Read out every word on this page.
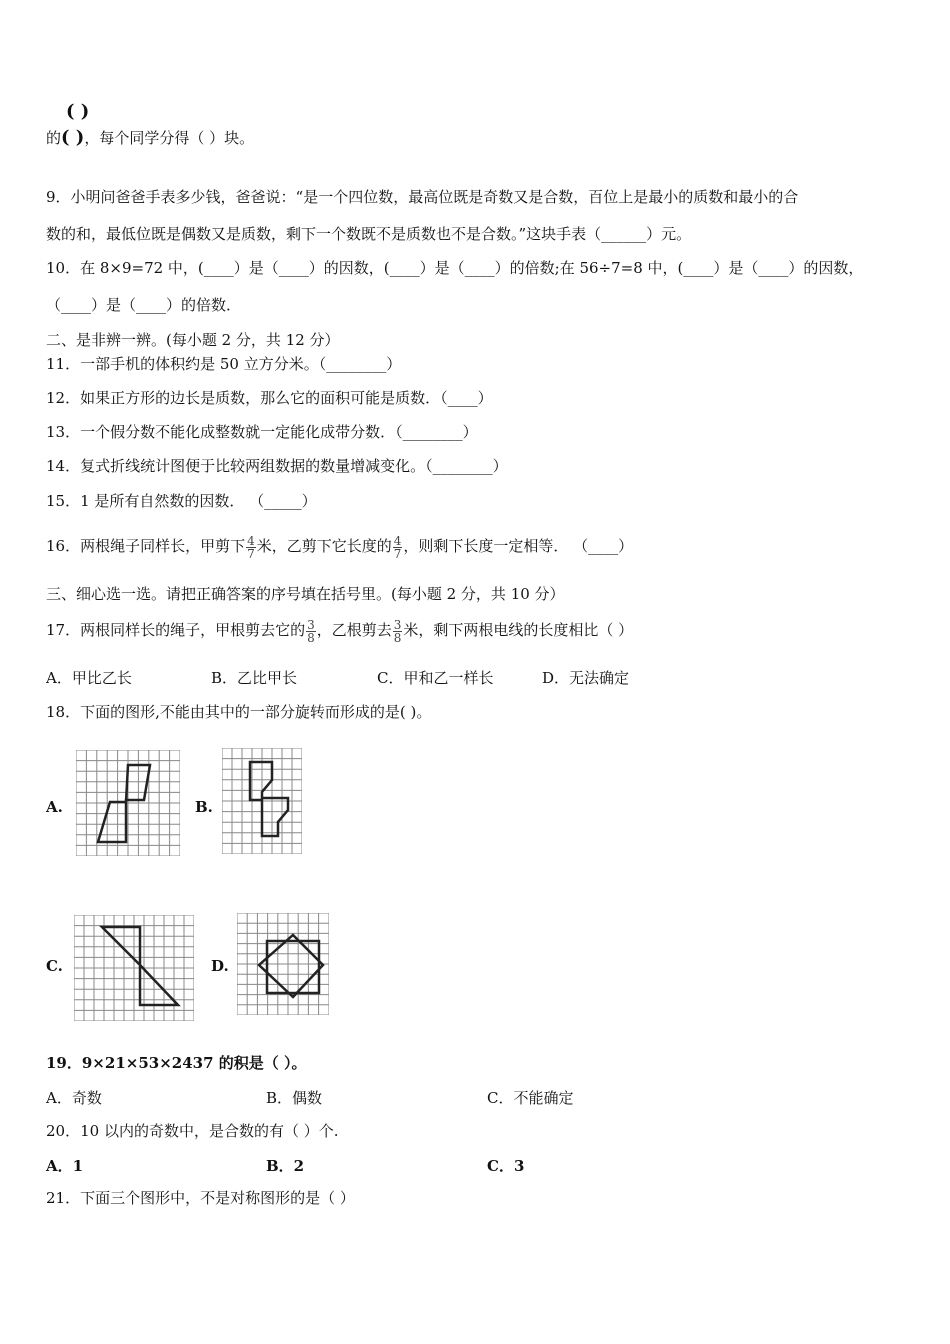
( )
的( )，每个同学分得（ ）块。
9．小明问爸爸手表多少钱，爸爸说：“是一个四位数，最高位既是奇数又是合数，百位上是最小的质数和最小的合
数的和，最低位既是偶数又是质数，剩下一个数既不是质数也不是合数。”这块手表（______）元。
10．在 8×9=72 中，(____）是（____）的因数，(____）是（____）的倍数;在 56÷7=8 中，(____）是（____）的因数，
（____）是（____）的倍数．
二、是非辨一辨。(每小题 2 分，共 12 分）
11．一部手机的体积约是 50 立方分米。（________）
12．如果正方形的边长是质数，那么它的面积可能是质数．（____）
13．一个假分数不能化成整数就一定能化成带分数．（________）
14．复式折线统计图便于比较两组数据的数量增减变化。（________）
15．1 是所有自然数的因数． （_____）
16．两根绳子同样长，甲剪下 $\frac{4}{7}$ 米，乙剪下它长度的 $\frac{4}{7}$ ，则剩下长度一定相等． （____）
三、细心选一选。请把正确答案的序号填在括号里。(每小题 2 分，共 10 分）
17．两根同样长的绳子，甲根剪去它的 $\frac{3}{8}$ ，乙根剪去 $\frac{3}{8}$ 米，剩下两根电线的长度相比（ ）
A．甲比乙长	B．乙比甲长	C．甲和乙一样长	D．无法确定
18．下面的图形,不能由其中的一部分旋转而形成的是( )。
A.	B.
C.	D.
19．9×21×53×2437 的积是（ ）。
A．奇数	B．偶数	C．不能确定
20．10 以内的奇数中，是合数的有（ ）个.
A．1	B．2	C．3
21．下面三个图形中，不是对称图形的是（ ）
